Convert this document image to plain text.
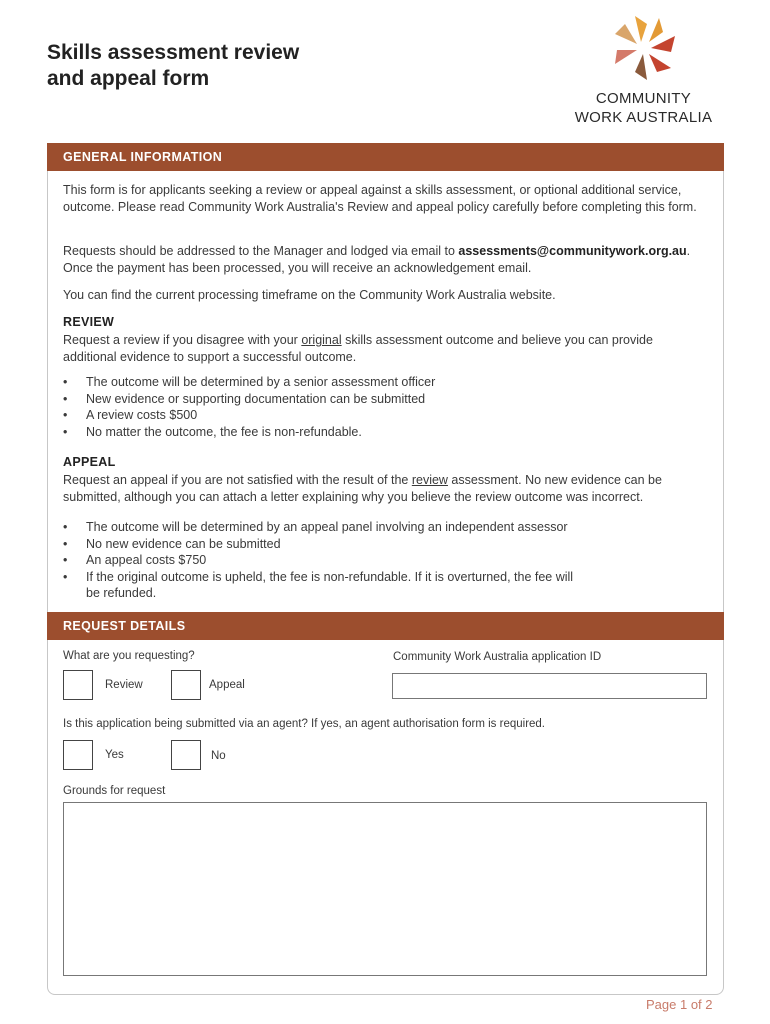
Skills assessment review
and appeal form
COMMUNITY
WORK AUSTRALIA
GENERAL INFORMATION

This form is for applicants seeking a review or appeal against a skills assessment, or optional additional service, outcome. Please read Community Work Australia's Review and appeal policy carefully before completing this form.

Requests should be addressed to the Manager and lodged via email to assessments@communitywork.org.au. Once the payment has been processed, you will receive an acknowledgement email.

You can find the current processing timeframe on the Community Work Australia website.

REVIEW

Request a review if you disagree with your original skills assessment outcome and believe you can provide additional evidence to support a successful outcome.

• The outcome will be determined by a senior assessment officer
• New evidence or supporting documentation can be submitted
• A review costs $500
• No matter the outcome, the fee is non-refundable.
APPEAL

Request an appeal if you are not satisfied with the result of the review assessment. No new evidence can be submitted, although you can attach a letter explaining why you believe the review outcome was incorrect.

• The outcome will be determined by an appeal panel involving an independent assessor
• No new evidence can be submitted
• An appeal costs $750
• If the original outcome is upheld, the fee is non-refundable. If it is overturned, the fee will be refunded.
REQUEST DETAILS
What are you requesting?
Review	Appeal
Community Work Australia application ID
Is this application being submitted via an agent? If yes, an agent authorisation form is required.
Yes	No
Grounds for request
Page 1 of 2
